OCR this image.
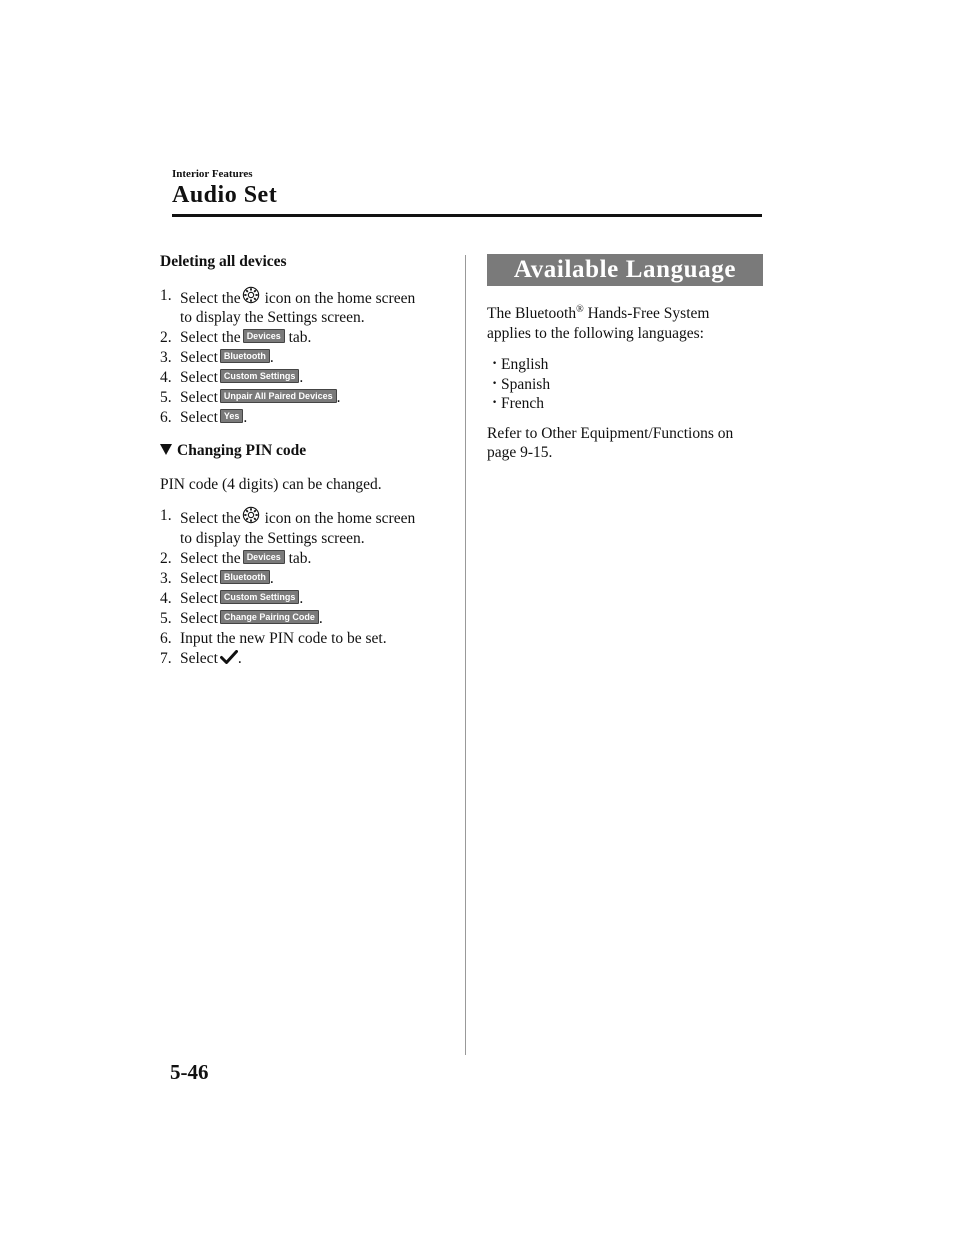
Interior Features
Audio Set
Deleting all devices
1. Select the icon on the home screen
to display the Settings screen.
2. Select the Devices tab.
3. Select Bluetooth .
4. Select Custom Settings .
5. Select Unpair All Paired Devices .
6. Select Yes .
Changing PIN code
PIN code (4 digits) can be changed.
1. Select the icon on the home screen
to display the Settings screen.
2. Select the Devices tab.
3. Select Bluetooth .
4. Select Custom Settings .
5. Select Change Pairing Code .
6. Input the new PIN code to be set.
7. Select .
Available Language
The Bluetooth® Hands-Free System
applies to the following languages:
· English
· Spanish
· French
Refer to Other Equipment/Functions on
page 9-15.
5-46
